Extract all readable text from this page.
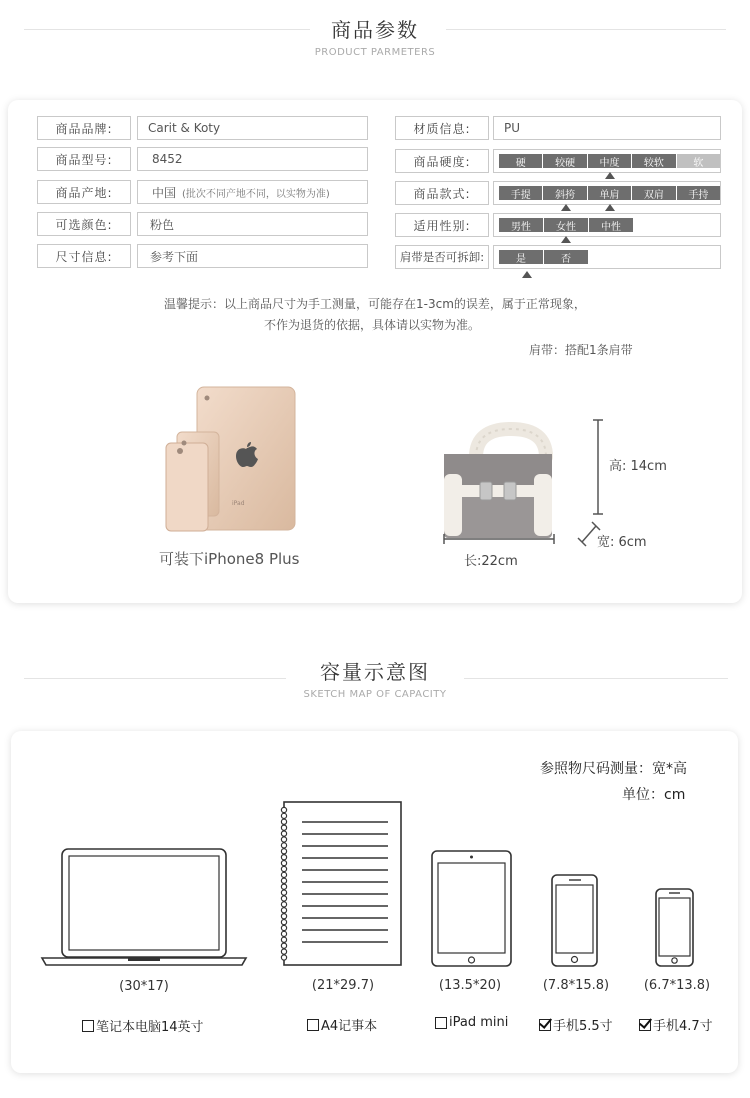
商品参数
PRODUCT PARMETERS
商品品牌:	Carit & Koty
商品型号:	8452
商品产地:	中国 (批次不同产地不同，以实物为准)
可选颜色:	粉色
尺寸信息:	参考下面
材质信息:	PU
商品硬度:	硬	较硬	中度	较软	软
商品款式:	手提	斜挎	单肩	双肩	手持
适用性别:	男性	女性	中性
肩带是否可拆卸:	是	否
温馨提示：以上商品尺寸为手工测量，可能存在1-3cm的误差，属于正常现象，
不作为退货的依据，具体请以实物为准。
肩带：搭配1条肩带
iPad
可装下iPhone8 Plus
高: 14cm
宽: 6cm
长:22cm
容量示意图
SKETCH MAP OF CAPACITY
参照物尺码测量：宽*高
单位：cm
(30*17)	(21*29.7)	(13.5*20)	(7.8*15.8)	(6.7*13.8)
笔记本电脑14英寸	A4记事本	iPad mini	手机5.5寸	手机4.7寸
